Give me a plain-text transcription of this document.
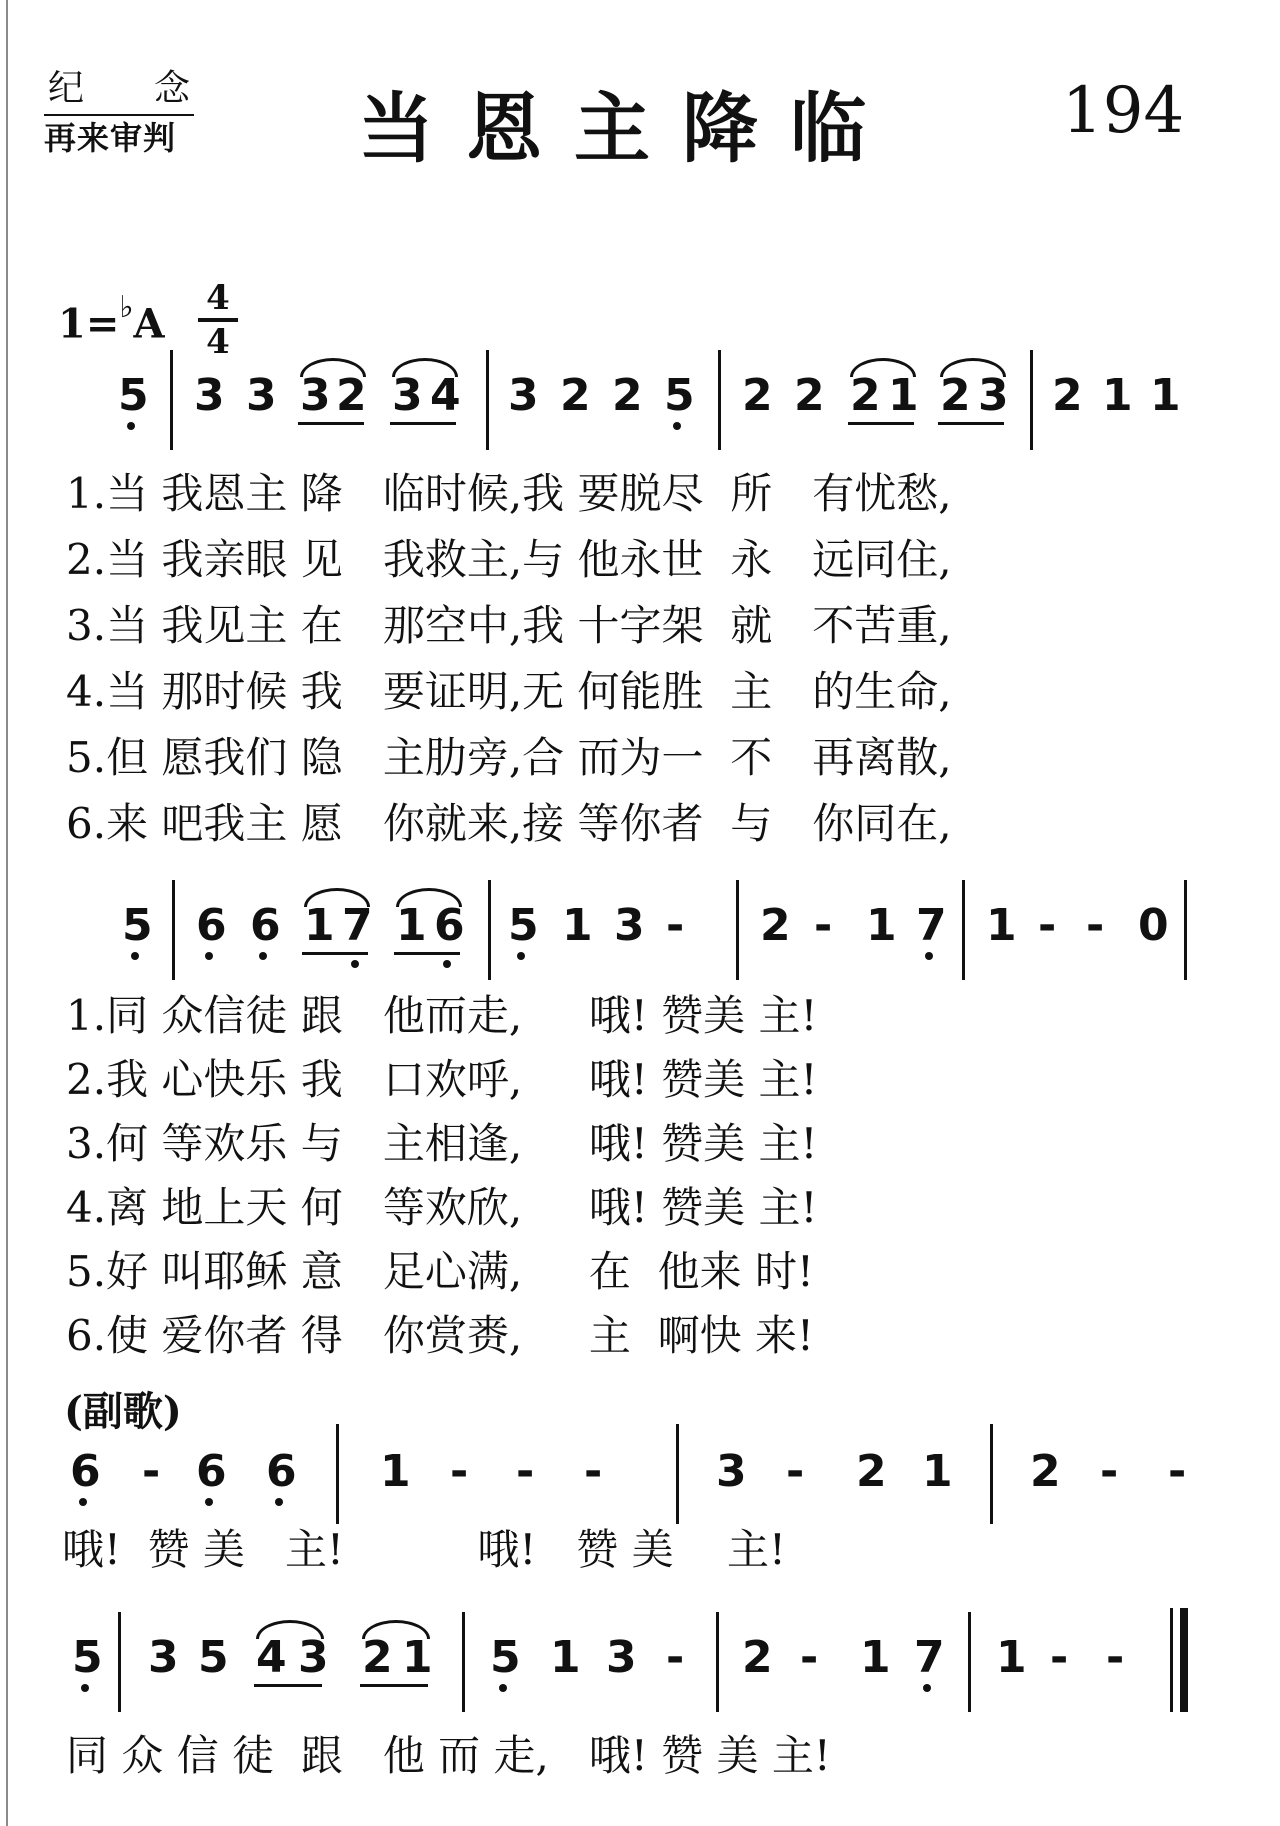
纪 念
再来审判 当恩主降临	194
1=♭A
4
4
5 3 3 3 2 3 4 3 2 2 5 2 2 2 1 2 3 2 1 1
1.当 我恩主 降   临时候,我 要脱尽  所   有忧愁,
2.当 我亲眼 见   我救主,与 他永世  永   远同住,
3.当 我见主 在   那空中,我 十字架  就   不苦重,
4.当 那时候 我   要证明,无 何能胜  主   的生命,
5.但 愿我们 隐   主肋旁,合 而为一  不   再离散,
6.来 吧我主 愿   你就来,接 等你者  与   你同在,
5 6 6 1 7 1 6 5 1 3 - 2 - 1 7 1 - - 0
1.同 众信徒 跟   他而走,     哦! 赞美 主!
2.我 心快乐 我   口欢呼,     哦! 赞美 主!
3.何 等欢乐 与   主相逢,     哦! 赞美 主!
4.离 地上天 何   等欢欣,     哦! 赞美 主!
5.好 叫耶稣 意   足心满,     在  他来 时!
6.使 爱你者 得   你赏赉,     主  啊快 来!
(副歌)
6 - 6 6 1 - - -	3 - 2 1 2 - -
哦!  赞 美   主!          哦!   赞 美    主!
5 3 5 4 3 2 1 5 1 3 - 2 - 1 7 1 - -
同 众 信 徒  跟   他 而 走,   哦! 赞 美 主!
